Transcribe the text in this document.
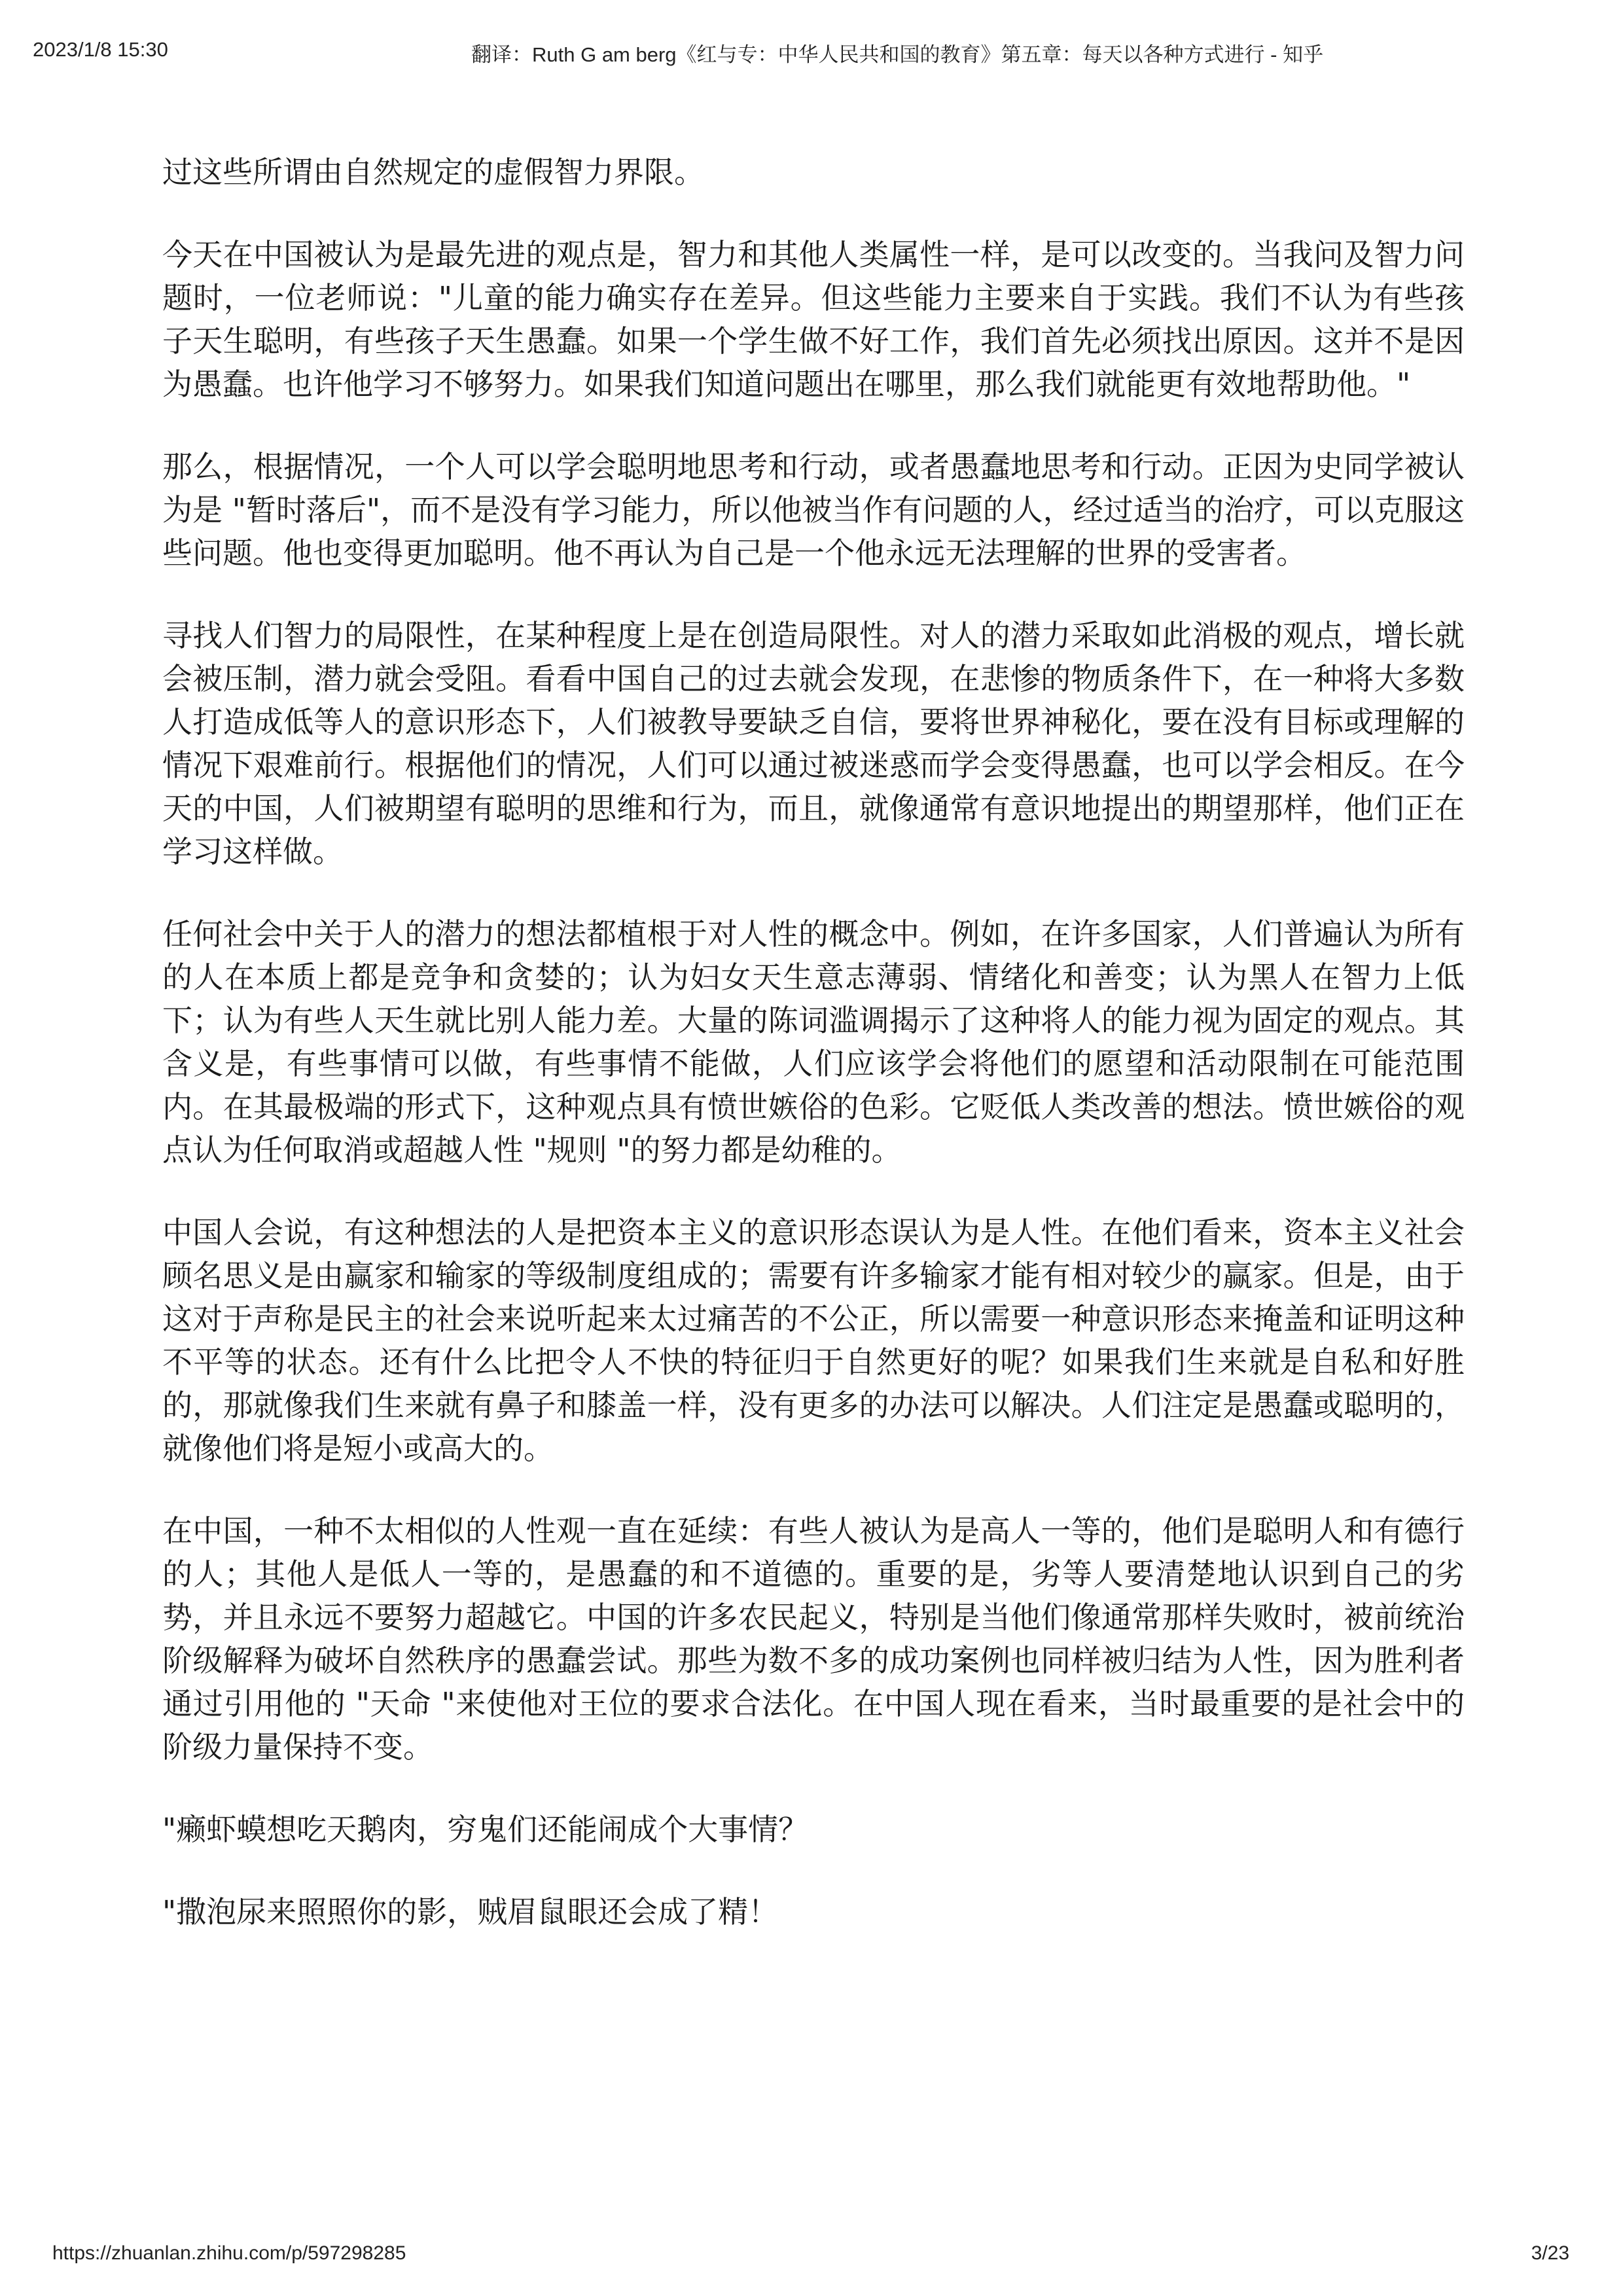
2023/1/8 15:30	翻译：Ruth G am berg《红与专：中华人民共和国的教育》第五章：每天以各种方式进行 - 知乎

过这些所谓由自然规定的虚假智力界限。

今天在中国被认为是最先进的观点是，智力和其他人类属性一样，是可以改变的。当我问及智力问题时，一位老师说："儿童的能力确实存在差异。但这些能力主要来自于实践。我们不认为有些孩子天生聪明，有些孩子天生愚蠢。如果一个学生做不好工作，我们首先必须找出原因。这并不是因为愚蠢。也许他学习不够努力。如果我们知道问题出在哪里，那么我们就能更有效地帮助他。"

那么，根据情况，一个人可以学会聪明地思考和行动，或者愚蠢地思考和行动。正因为史同学被认为是 "暂时落后"，而不是没有学习能力，所以他被当作有问题的人，经过适当的治疗，可以克服这些问题。他也变得更加聪明。他不再认为自己是一个他永远无法理解的世界的受害者。

寻找人们智力的局限性，在某种程度上是在创造局限性。对人的潜力采取如此消极的观点，增长就会被压制，潜力就会受阻。看看中国自己的过去就会发现，在悲惨的物质条件下，在一种将大多数人打造成低等人的意识形态下，人们被教导要缺乏自信，要将世界神秘化，要在没有目标或理解的情况下艰难前行。根据他们的情况，人们可以通过被迷惑而学会变得愚蠢，也可以学会相反。在今天的中国，人们被期望有聪明的思维和行为，而且，就像通常有意识地提出的期望那样，他们正在学习这样做。

任何社会中关于人的潜力的想法都植根于对人性的概念中。例如，在许多国家，人们普遍认为所有的人在本质上都是竞争和贪婪的；认为妇女天生意志薄弱、情绪化和善变；认为黑人在智力上低下；认为有些人天生就比别人能力差。大量的陈词滥调揭示了这种将人的能力视为固定的观点。其含义是，有些事情可以做，有些事情不能做，人们应该学会将他们的愿望和活动限制在可能范围内。在其最极端的形式下，这种观点具有愤世嫉俗的色彩。它贬低人类改善的想法。愤世嫉俗的观点认为任何取消或超越人性 "规则 "的努力都是幼稚的。

中国人会说，有这种想法的人是把资本主义的意识形态误认为是人性。在他们看来，资本主义社会顾名思义是由赢家和输家的等级制度组成的；需要有许多输家才能有相对较少的赢家。但是，由于这对于声称是民主的社会来说听起来太过痛苦的不公正，所以需要一种意识形态来掩盖和证明这种不平等的状态。还有什么比把令人不快的特征归于自然更好的呢？如果我们生来就是自私和好胜的，那就像我们生来就有鼻子和膝盖一样，没有更多的办法可以解决。人们注定是愚蠢或聪明的，就像他们将是短小或高大的。

在中国，一种不太相似的人性观一直在延续：有些人被认为是高人一等的，他们是聪明人和有德行的人；其他人是低人一等的，是愚蠢的和不道德的。重要的是，劣等人要清楚地认识到自己的劣势，并且永远不要努力超越它。中国的许多农民起义，特别是当他们像通常那样失败时，被前统治阶级解释为破坏自然秩序的愚蠢尝试。那些为数不多的成功案例也同样被归结为人性，因为胜利者通过引用他的 "天命 "来使他对王位的要求合法化。在中国人现在看来，当时最重要的是社会中的阶级力量保持不变。

"癞虾蟆想吃天鹅肉，穷鬼们还能闹成个大事情？

"撒泡尿来照照你的影，贼眉鼠眼还会成了精！

https://zhuanlan.zhihu.com/p/597298285	3/23
